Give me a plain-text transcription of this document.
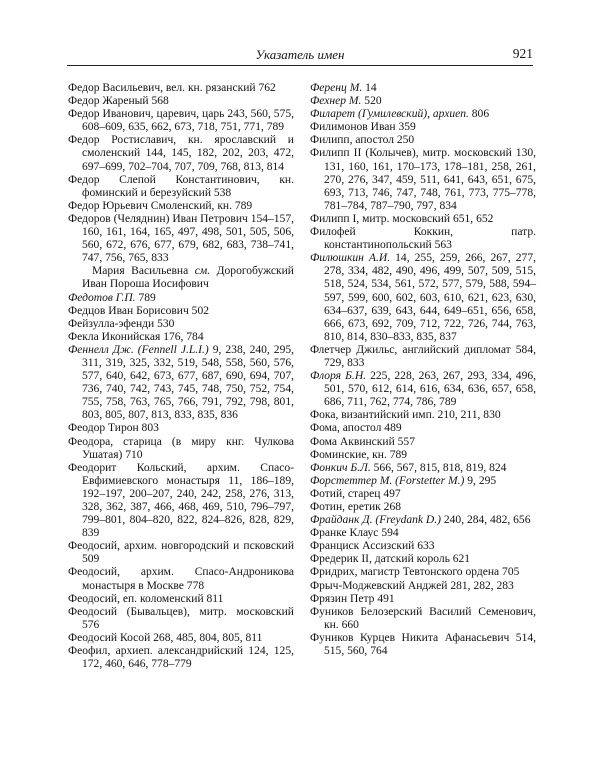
Указатель имен	921
Федор Васильевич, вел. кн. рязанский 762
Федор Жареный 568
Федор Иванович, царевич, царь 243, 560, 575, 608–609, 635, 662, 673, 718, 751, 771, 789
Федор Ростиславич, кн. ярославский и смоленский 144, 145, 182, 202, 203, 472, 697–699, 702–704, 707, 709, 768, 813, 814
Федор Слепой Константинович, кн. фоминский и березуйский 538
Федор Юрьевич Смоленский, кн. 789
Федоров (Челяднин) Иван Петрович 154–157, 160, 161, 164, 165, 497, 498, 501, 505, 506, 560, 672, 676, 677, 679, 682, 683, 738–741, 747, 756, 765, 833
Мария Васильевна см. Дорогобужский Иван Пороша Иосифович
Федотов Г.П. 789
Федцов Иван Борисович 502
Фейзулла-эфенди 530
Фекла Иконийская 176, 784
Феннелл Дж. (Fennell J.L.I.) 9, 238, 240, 295, 311, 319, 325, 332, 519, 548, 558, 560, 576, 577, 640, 642, 673, 677, 687, 690, 694, 707, 736, 740, 742, 743, 745, 748, 750, 752, 754, 755, 758, 763, 765, 766, 791, 792, 798, 801, 803, 805, 807, 813, 833, 835, 836
Феодор Тирон 803
Феодора, старица (в миру кнг. Чулкова Ушатая) 710
Феодорит Кольский, архим. Спасо-Евфимиевского монастыря 11, 186–189, 192–197, 200–207, 240, 242, 258, 276, 313, 328, 362, 387, 466, 468, 469, 510, 796–797, 799–801, 804–820, 822, 824–826, 828, 829, 839
Феодосий, архим. новгородский и псковский 509
Феодосий, архим. Спасо-Андроникова монастыря в Москве 778
Феодосий, еп. коломенский 811
Феодосий (Бывальцев), митр. московский 576
Феодосий Косой 268, 485, 804, 805, 811
Феофил, архиеп. александрийский 124, 125, 172, 460, 646, 778–779
Ференц М. 14
Фехнер М. 520
Филарет (Гумилевский), архиеп. 806
Филимонов Иван 359
Филипп, апостол 250
Филипп II (Колычев), митр. московский 130, 131, 160, 161, 170–173, 178–181, 258, 261, 270, 276, 347, 459, 511, 641, 643, 651, 675, 693, 713, 746, 747, 748, 761, 773, 775–778, 781–784, 787–790, 797, 834
Филипп I, митр. московский 651, 652
Филофей Коккин, патр. константинопольский 563
Филюшкин А.И. 14, 255, 259, 266, 267, 277, 278, 334, 482, 490, 496, 499, 507, 509, 515, 518, 524, 534, 561, 572, 577, 579, 588, 594–597, 599, 600, 602, 603, 610, 621, 623, 630, 634–637, 639, 643, 644, 649–651, 656, 658, 666, 673, 692, 709, 712, 722, 726, 744, 763, 810, 814, 830–833, 835, 837
Флетчер Джильс, английский дипломат 584, 729, 833
Флоря Б.Н. 225, 228, 263, 267, 293, 334, 496, 501, 570, 612, 614, 616, 634, 636, 657, 658, 686, 711, 762, 774, 786, 789
Фока, византийский имп. 210, 211, 830
Фома, апостол 489
Фома Аквинский 557
Фоминские, кн. 789
Фонкич Б.Л. 566, 567, 815, 818, 819, 824
Форстеттер М. (Forstetter M.) 9, 295
Фотий, старец 497
Фотин, еретик 268
Фрайданк Д. (Freydank D.) 240, 284, 482, 656
Франке Клаус 594
Франциск Ассизский 633
Фредерик II, датский король 621
Фридрих, магистр Тевтонского ордена 705
Фрыч-Моджевский Анджей 281, 282, 283
Фрязин Петр 491
Фуников Белозерский Василий Семенович, кн. 660
Фуников Курцев Никита Афанасьевич 514, 515, 560, 764
